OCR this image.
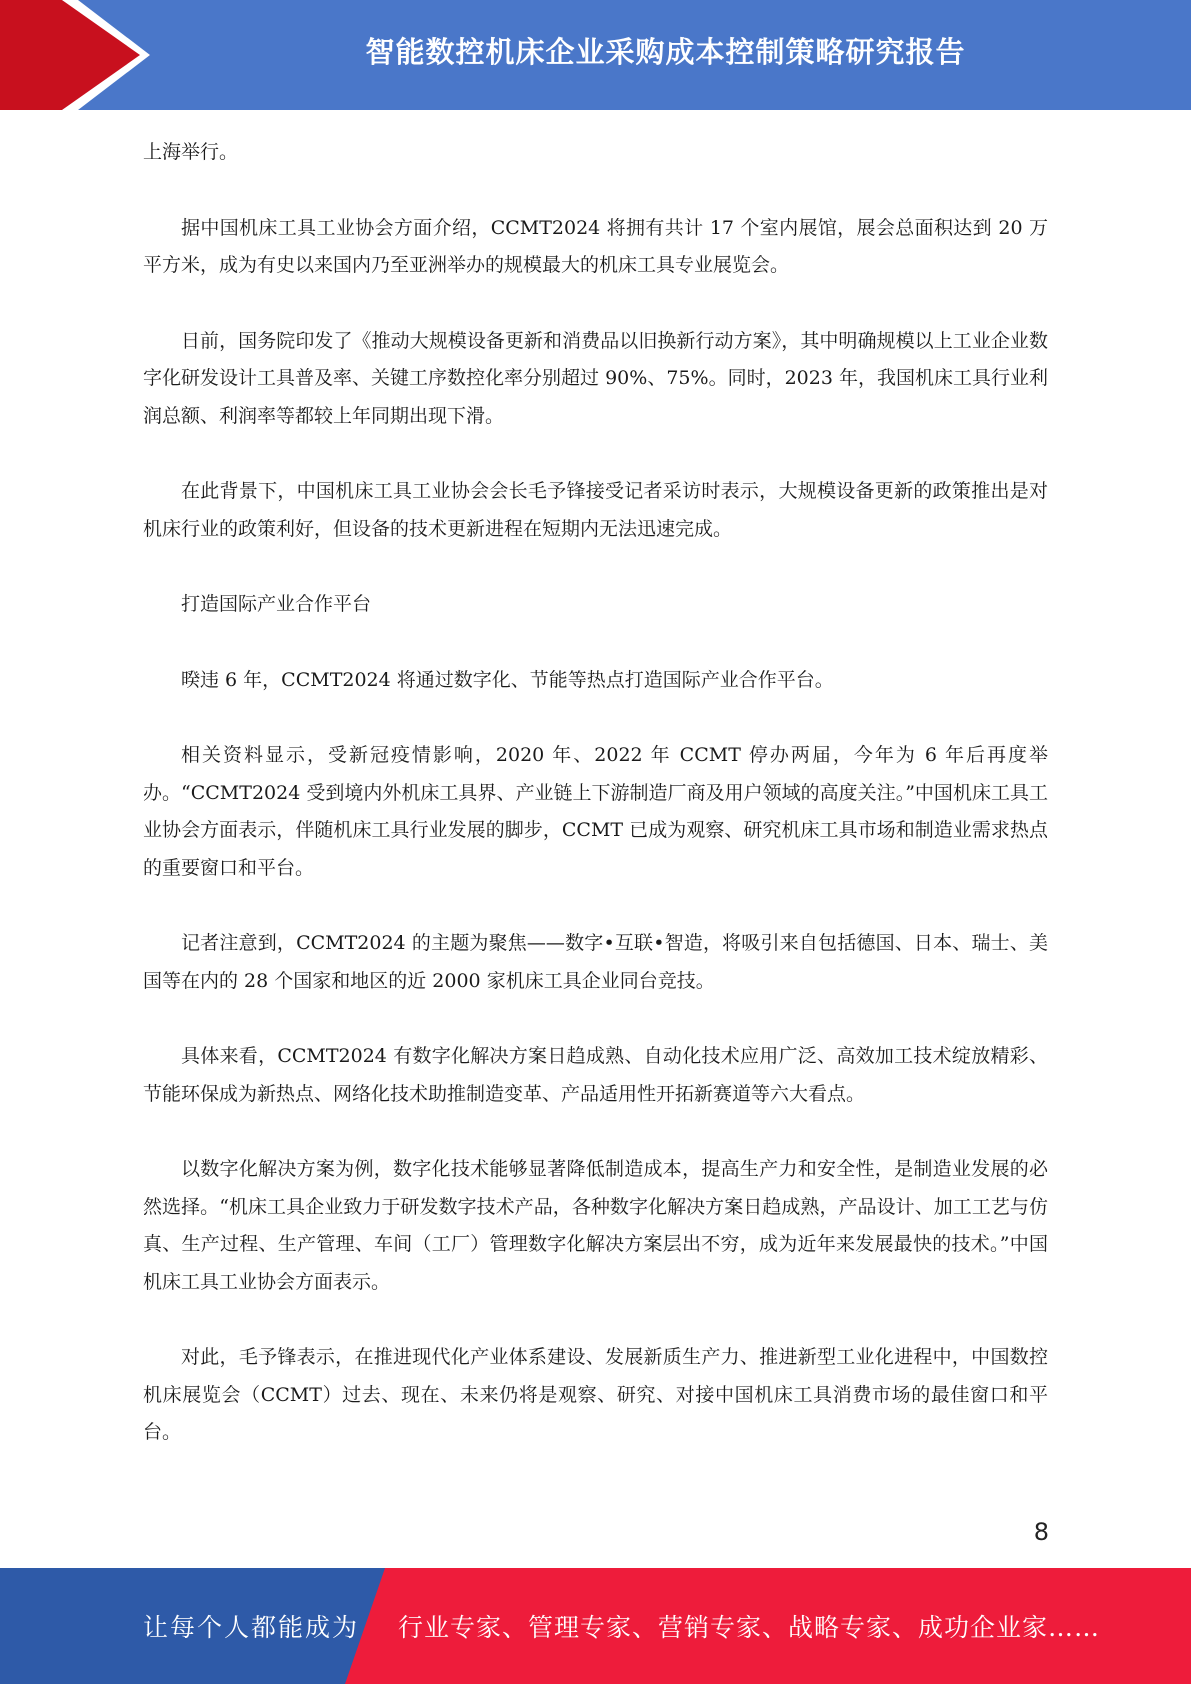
智能数控机床企业采购成本控制策略研究报告

上海举行。

据中国机床工具工业协会方面介绍，CCMT2024 将拥有共计 17 个室内展馆，展会总面积达到 20 万平方米，成为有史以来国内乃至亚洲举办的规模最大的机床工具专业展览会。

日前，国务院印发了《推动大规模设备更新和消费品以旧换新行动方案》，其中明确规模以上工业企业数字化研发设计工具普及率、关键工序数控化率分别超过 90%、75%。同时，2023 年，我国机床工具行业利润总额、利润率等都较上年同期出现下滑。

在此背景下，中国机床工具工业协会会长毛予锋接受记者采访时表示，大规模设备更新的政策推出是对机床行业的政策利好，但设备的技术更新进程在短期内无法迅速完成。

打造国际产业合作平台

暌违 6 年，CCMT2024 将通过数字化、节能等热点打造国际产业合作平台。

相关资料显示，受新冠疫情影响，2020 年、2022 年 CCMT 停办两届，今年为 6 年后再度举办。“CCMT2024 受到境内外机床工具界、产业链上下游制造厂商及用户领域的高度关注。”中国机床工具工业协会方面表示，伴随机床工具行业发展的脚步，CCMT 已成为观察、研究机床工具市场和制造业需求热点的重要窗口和平台。

记者注意到，CCMT2024 的主题为聚焦——数字•互联•智造，将吸引来自包括德国、日本、瑞士、美国等在内的 28 个国家和地区的近 2000 家机床工具企业同台竞技。

具体来看，CCMT2024 有数字化解决方案日趋成熟、自动化技术应用广泛、高效加工技术绽放精彩、节能环保成为新热点、网络化技术助推制造变革、产品适用性开拓新赛道等六大看点。

以数字化解决方案为例，数字化技术能够显著降低制造成本，提高生产力和安全性，是制造业发展的必然选择。“机床工具企业致力于研发数字技术产品，各种数字化解决方案日趋成熟，产品设计、加工工艺与仿真、生产过程、生产管理、车间（工厂）管理数字化解决方案层出不穷，成为近年来发展最快的技术。”中国机床工具工业协会方面表示。

对此，毛予锋表示，在推进现代化产业体系建设、发展新质生产力、推进新型工业化进程中，中国数控机床展览会（CCMT）过去、现在、未来仍将是观察、研究、对接中国机床工具消费市场的最佳窗口和平台。

8
让每个人都能成为 行业专家、管理专家、营销专家、战略专家、成功企业家……
